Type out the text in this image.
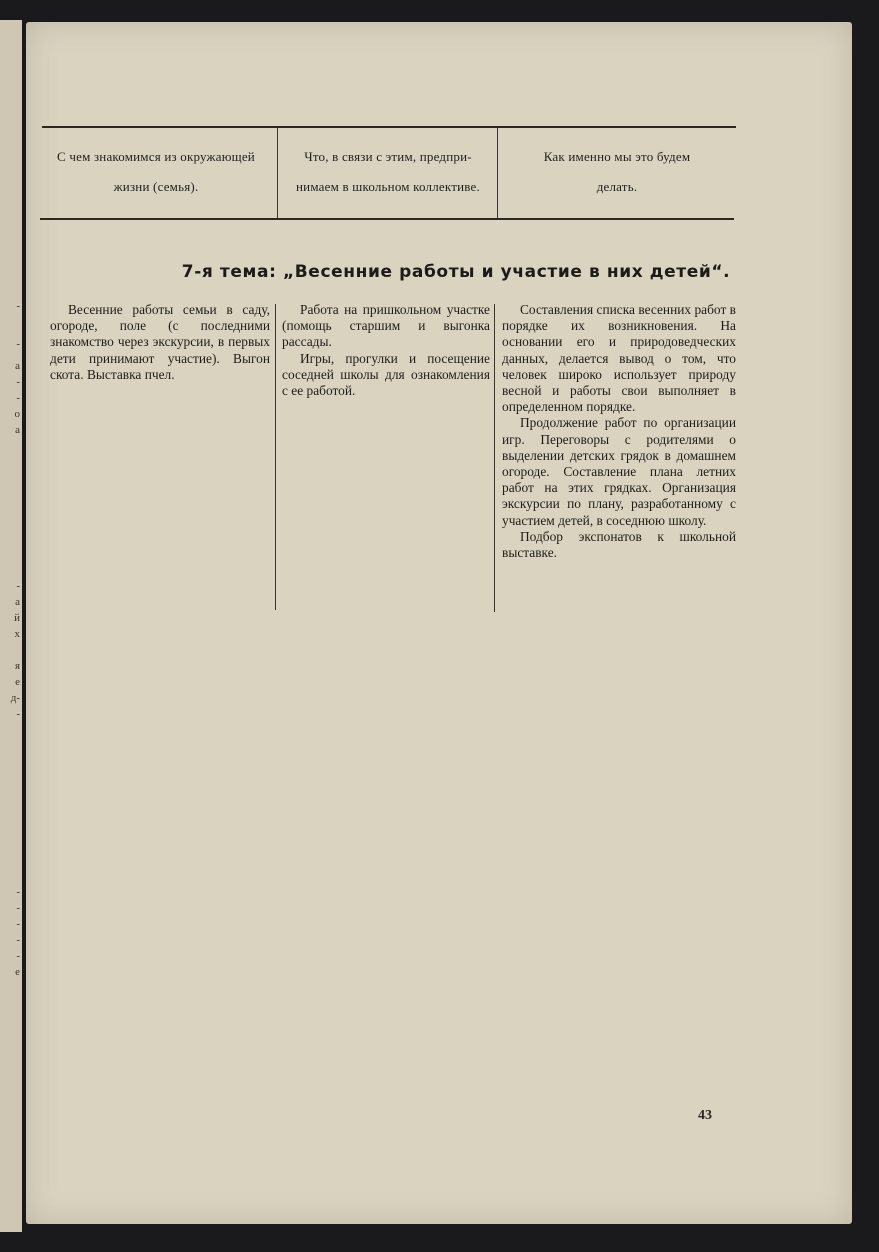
-
-
а
-
-
о
а
-
а
й
х
я
е
д-
-
-
-
-
-
-
е
С чем знакомимся из окружающей
жизни (семья).
Что, в связи с этим, предпри-
нимаем в школьном коллективе.
Как именно мы это будем
делать.
7-я тема: „Весенние работы и участие в них детей“.

Весенние работы семьи в саду, огороде, поле (с последними знакомство через экскурсии, в первых дети принимают участие). Выгон скота. Выставка пчел.

Работа на пришкольном участке (помощь старшим и выгонка рассады.

Игры, прогулки и посещение соседней школы для ознакомления с ее работой.

Составления списка весенних работ в порядке их возникновения. На основании его и природоведческих данных, делается вывод о том, что человек широко использует природу весной и работы свои выполняет в определенном порядке.

Продолжение работ по организации игр. Переговоры с родителями о выделении детских грядок в домашнем огороде. Составление плана летних работ на этих грядках. Организация экскурсии по плану, разработанному с участием детей, в соседнюю школу.

Подбор экспонатов к школьной выставке.

43
